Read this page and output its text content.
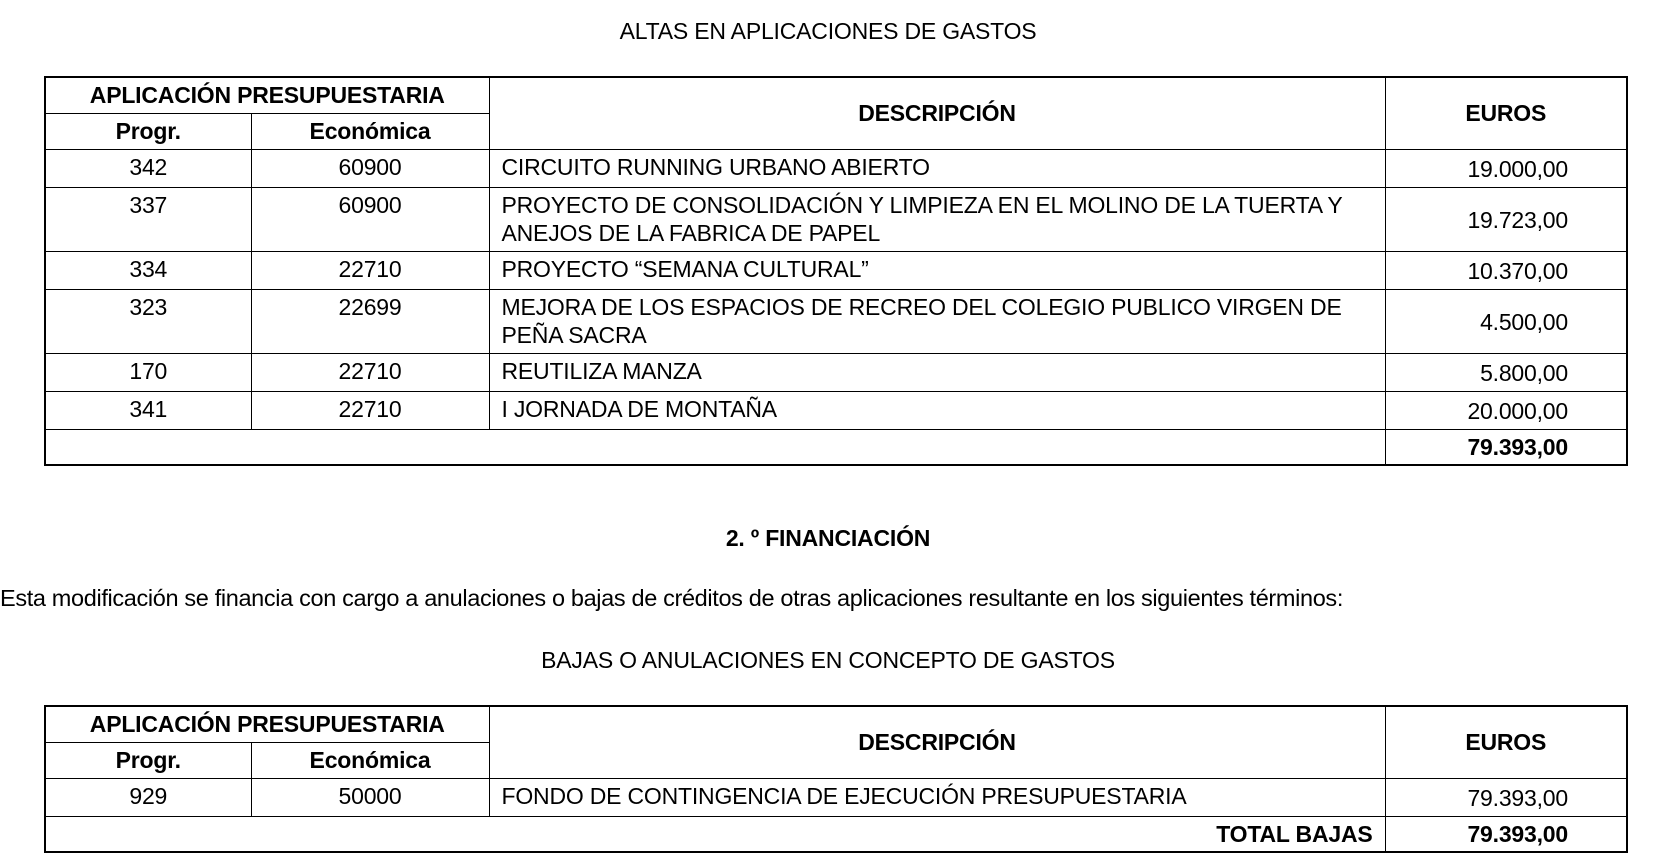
ALTAS EN APLICACIONES DE GASTOS
APLICACIÓN PRESUPUESTARIA		DESCRIPCIÓN	EUROS
Progr.	Económica		
342	60900	CIRCUITO RUNNING URBANO ABIERTO	19.000,00
337	60900	PROYECTO DE CONSOLIDACIÓN Y LIMPIEZA EN EL MOLINO DE LA TUERTA Y ANEJOS DE LA FABRICA DE PAPEL	19.723,00
334	22710	PROYECTO “SEMANA CULTURAL”	10.370,00
323	22699	MEJORA DE LOS ESPACIOS DE RECREO DEL COLEGIO PUBLICO VIRGEN DE PEÑA SACRA	4.500,00
170	22710	REUTILIZA MANZA	5.800,00
341	22710	I JORNADA DE MONTAÑA	20.000,00
			79.393,00
2. º FINANCIACIÓN
Esta modificación se financia con cargo a anulaciones o bajas de créditos de otras aplicaciones resultante en los siguientes términos:
BAJAS O ANULACIONES EN CONCEPTO DE GASTOS
APLICACIÓN PRESUPUESTARIA		DESCRIPCIÓN	EUROS
Progr.	Económica		
929	50000	FONDO DE CONTINGENCIA DE EJECUCIÓN PRESUPUESTARIA	79.393,00
TOTAL BAJAS			79.393,00
